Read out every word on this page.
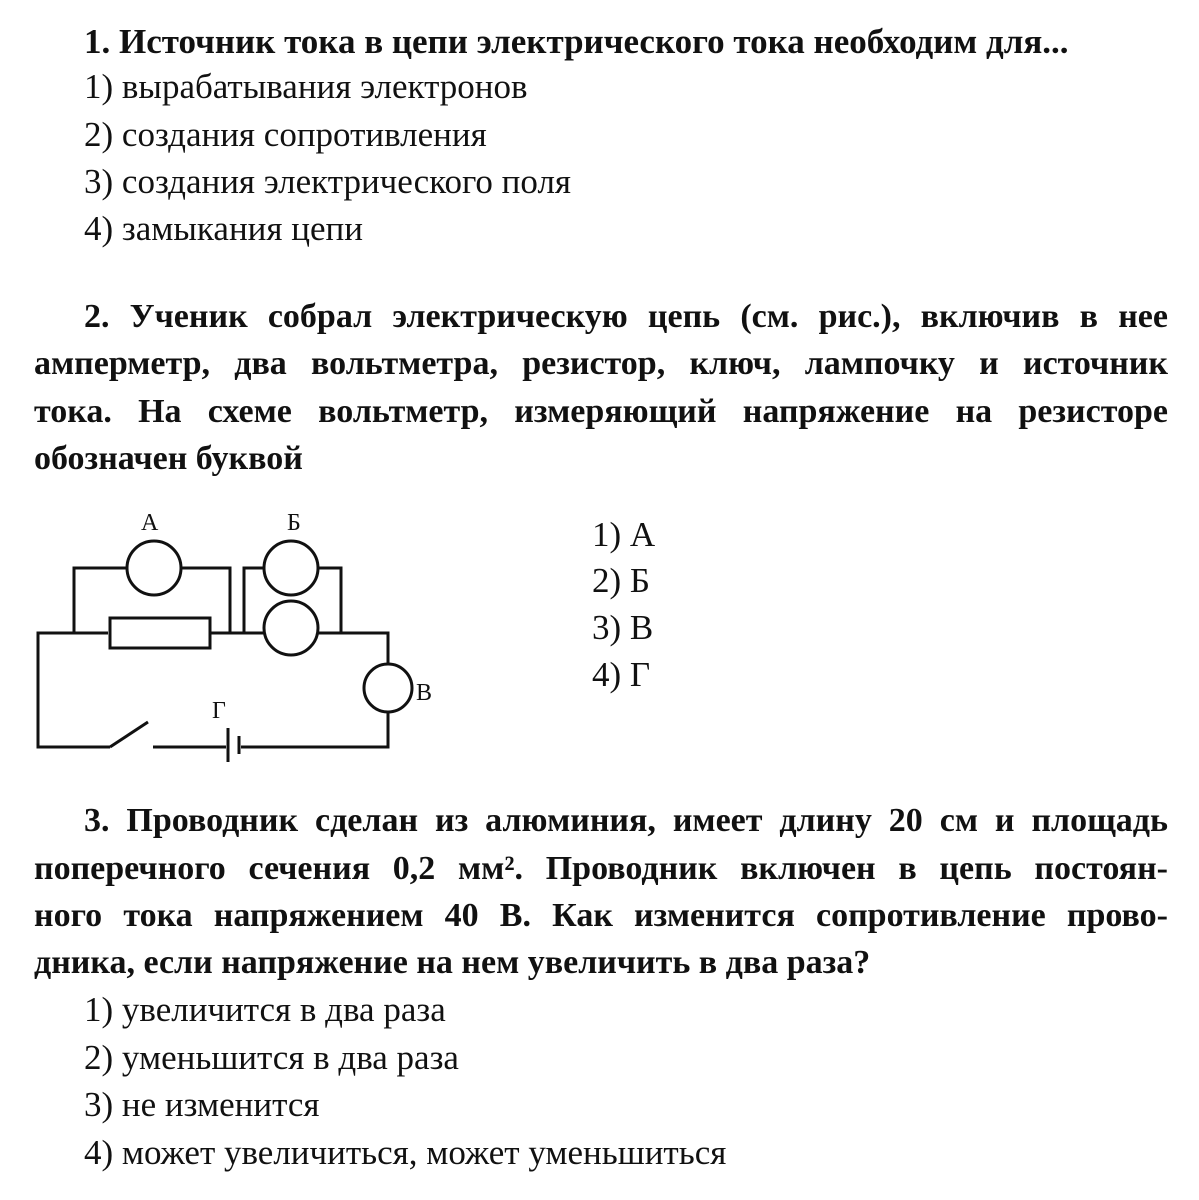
1. Источник тока в цепи электрического тока необходим для...
1) вырабатывания электронов
2) создания сопротивления
3) создания электрического поля
4) замыкания цепи
2. Ученик собрал электрическую цепь (см. рис.), включив в нее
амперметр, два вольтметра, резистор, ключ, лампочку и источник
тока. На схеме вольтметр, измеряющий напряжение на резисторе
обозначен буквой
А	Б
В
Г
1) А
2) Б
3) В
4) Г
3. Проводник сделан из алюминия, имеет длину 20 см и площадь
поперечного сечения 0,2 мм². Проводник включен в цепь постоян-
ного тока напряжением 40 В. Как изменится сопротивление прово-
дника, если напряжение на нем увеличить в два раза?
1) увеличится в два раза
2) уменьшится в два раза
3) не изменится
4) может увеличиться, может уменьшиться
